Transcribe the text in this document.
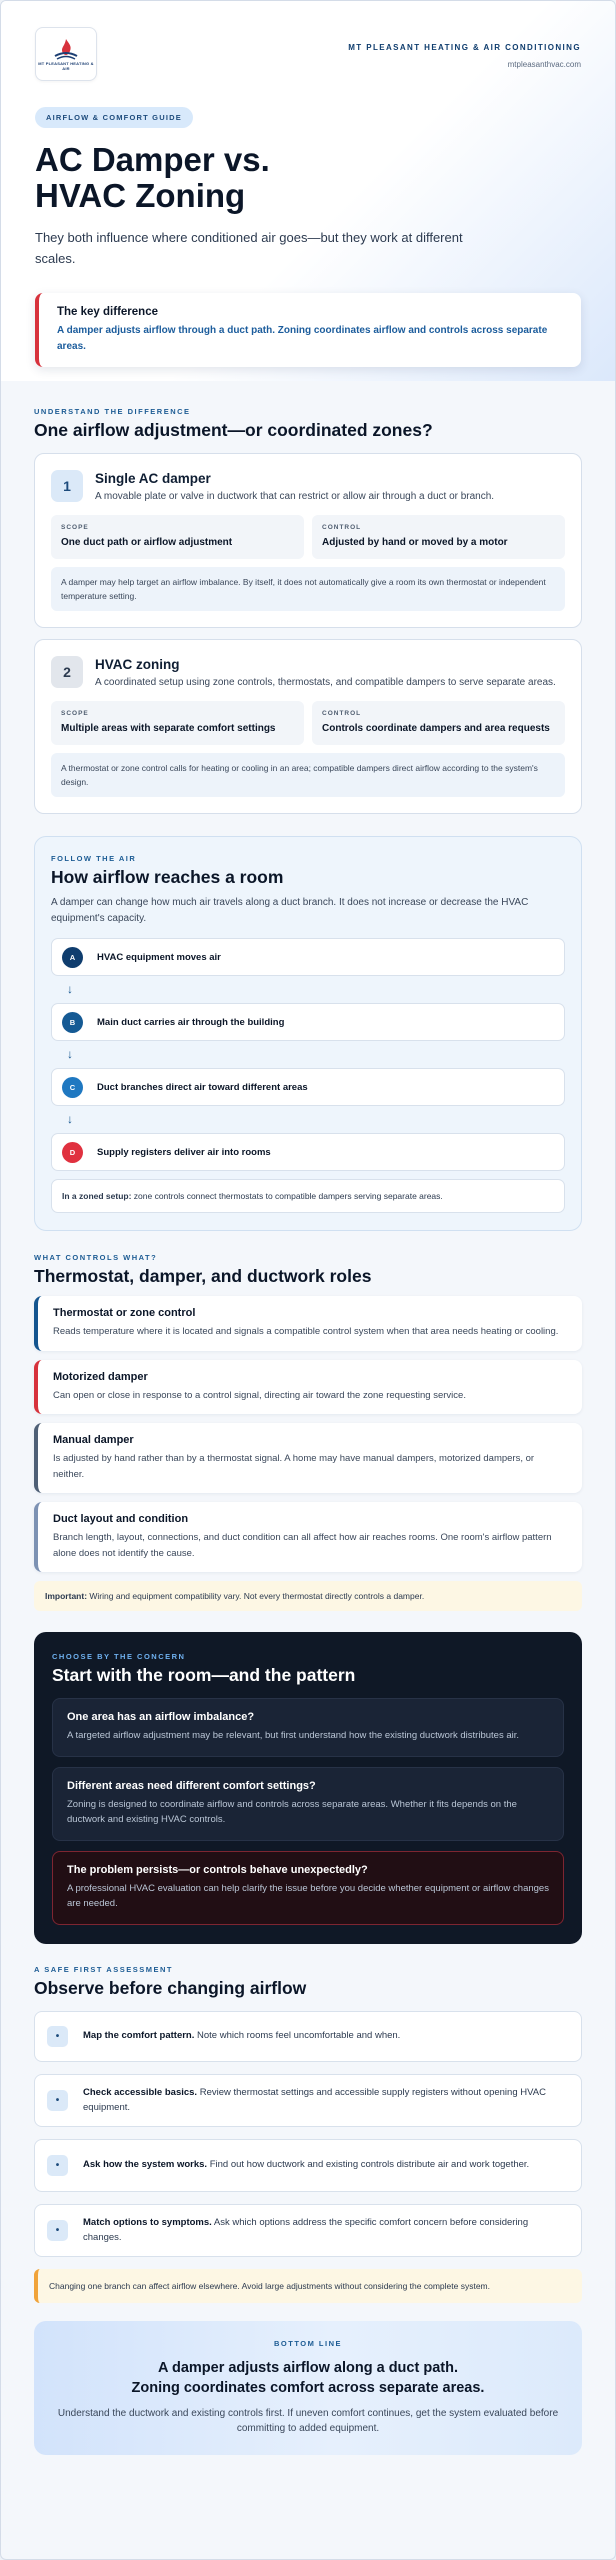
MT PLEASANT HEATING & AIR
MT PLEASANT HEATING & AIR CONDITIONING
mtpleasanthvac.com
AIRFLOW & COMFORT GUIDE
AC Damper vs.
HVAC Zoning
They both influence where conditioned air goes—but they work at different scales.
The key difference
A damper adjusts airflow through a duct path. Zoning coordinates airflow and controls across separate areas.
UNDERSTAND THE DIFFERENCE
One airflow adjustment—or coordinated zones?
1	Single AC damper
A movable plate or valve in ductwork that can restrict or allow air through a duct or branch.
SCOPE
One duct path or airflow adjustment
CONTROL
Adjusted by hand or moved by a motor
A damper may help target an airflow imbalance. By itself, it does not automatically give a room its own thermostat or independent temperature setting.
2	HVAC zoning
A coordinated setup using zone controls, thermostats, and compatible dampers to serve separate areas.
SCOPE
Multiple areas with separate comfort settings
CONTROL
Controls coordinate dampers and area requests
A thermostat or zone control calls for heating or cooling in an area; compatible dampers direct airflow according to the system's design.
FOLLOW THE AIR
How airflow reaches a room
A damper can change how much air travels along a duct branch. It does not increase or decrease the HVAC equipment's capacity.
A	HVAC equipment moves air
↓
B	Main duct carries air through the building
↓
C	Duct branches direct air toward different areas
↓
D	Supply registers deliver air into rooms
In a zoned setup: zone controls connect thermostats to compatible dampers serving separate areas.
WHAT CONTROLS WHAT?
Thermostat, damper, and ductwork roles
Thermostat or zone control
Reads temperature where it is located and signals a compatible control system when that area needs heating or cooling.
Motorized damper
Can open or close in response to a control signal, directing air toward the zone requesting service.
Manual damper
Is adjusted by hand rather than by a thermostat signal. A home may have manual dampers, motorized dampers, or neither.
Duct layout and condition
Branch length, layout, connections, and duct condition can all affect how air reaches rooms. One room's airflow pattern alone does not identify the cause.
Important: Wiring and equipment compatibility vary. Not every thermostat directly controls a damper.
CHOOSE BY THE CONCERN
Start with the room—and the pattern
One area has an airflow imbalance?
A targeted airflow adjustment may be relevant, but first understand how the existing ductwork distributes air.
Different areas need different comfort settings?
Zoning is designed to coordinate airflow and controls across separate areas. Whether it fits depends on the ductwork and existing HVAC controls.
The problem persists—or controls behave unexpectedly?
A professional HVAC evaluation can help clarify the issue before you decide whether equipment or airflow changes are needed.
A SAFE FIRST ASSESSMENT
Observe before changing airflow
•	Map the comfort pattern. Note which rooms feel uncomfortable and when.
•
Check accessible basics. Review thermostat settings and accessible supply registers without opening HVAC equipment.
•	Ask how the system works. Find out how ductwork and existing controls distribute air and work together.
•
Match options to symptoms. Ask which options address the specific comfort concern before considering changes.
Changing one branch can affect airflow elsewhere. Avoid large adjustments without considering the complete system.
BOTTOM LINE
A damper adjusts airflow along a duct path.
Zoning coordinates comfort across separate areas.
Understand the ductwork and existing controls first. If uneven comfort continues, get the system evaluated before committing to added equipment.
